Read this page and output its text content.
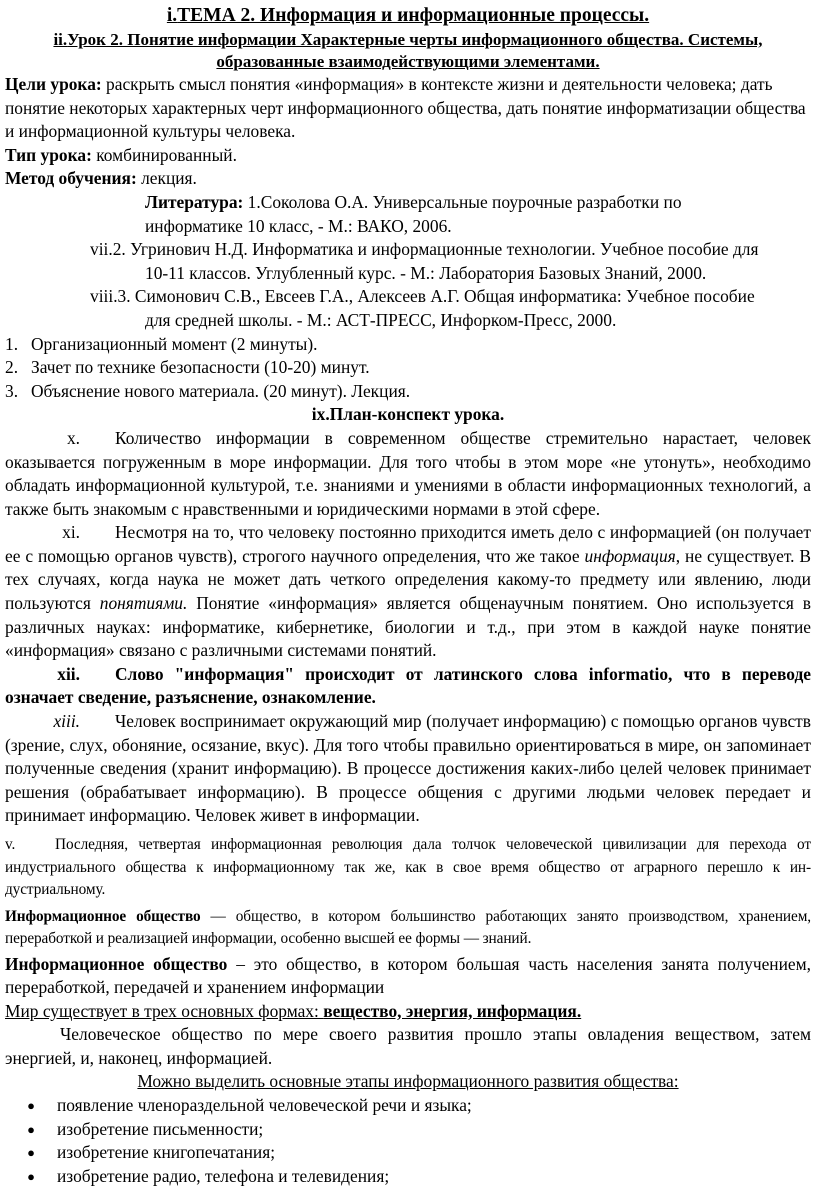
i.ТЕМА 2. Информация и информационные процессы.
ii.Урок 2. Понятие информации Характерные черты информационного общества. Системы,
образованные взаимодействующими элементами.

Цели урока: раскрыть смысл понятия «информация» в контексте жизни и деятельности человека; дать понятие некоторых характерных черт информационного общества, дать понятие информатизации общества и информационной культуры человека.

Тип урока: комбинированный.

Метод обучения: лекция.

Литература: 1.Соколова О.А. Универсальные поурочные разработки по информатике 10 класс, - М.: ВАКО, 2006.

vii.2. Угринович Н.Д. Информатика и информационные технологии. Учебное пособие для 10-11 классов. Углубленный курс. - М.: Лаборатория Базовых Знаний, 2000.

viii.3. Симонович С.В., Евсеев Г.А., Алексеев А.Г. Общая информатика: Учебное пособие для средней школы. - М.: АСТ-ПРЕСС, Инфорком-Пресс, 2000.

1. Организационный момент (2 минуты).
2. Зачет по технике безопасности (10-20) минут.
3. Объяснение нового материала. (20 минут). Лекция.
ix.План-конспект урока.

x. Количество информации в современном обществе стремительно нарастает, человек оказывается погруженным в море информации. Для того чтобы в этом море «не утонуть», необходимо обладать информационной культурой, т.е. знаниями и умениями в области информационных технологий, а также быть знакомым с нравственными и юридическими нормами в этой сфере.

xi. Несмотря на то, что человеку постоянно приходится иметь дело с информацией (он получает ее с помощью органов чувств), строгого научного определения, что же такое информация, не существует. В тех случаях, когда наука не может дать четкого определения какому-то предмету или явлению, люди пользуются понятиями. Понятие «информация» является общенаучным понятием. Оно используется в различных науках: информатике, кибернетике, биологии и т.д., при этом в каждой науке понятие «информация» связано с различными системами понятий.

xii. Слово "информация" происходит от латинского слова informatio, что в переводе означает сведение, разъяснение, ознакомление.

xiii. Человек воспринимает окружающий мир (получает информацию) с помощью органов чувств (зрение, слух, обоняние, осязание, вкус). Для того чтобы правильно ориентироваться в мире, он запоминает полученные сведения (хранит информацию). В процессе достижения каких-либо целей человек принимает решения (обрабатывает информацию). В процессе общения с другими людьми человек передает и принимает информацию. Человек живет в информации.

v.	Последняя, четвертая информационная революция дала толчок человеческой цивилизации для перехода от индустриального общества к информационному так же, как в свое время общество от аграрного перешло к ин-дустриальному.

Информационное общество — общество, в котором большинство работающих занято производством, хранением, переработкой и реализацией информации, особенно высшей ее формы — знаний.

Информационное общество – это общество, в котором большая часть населения занята получением, переработкой, передачей и хранением информации

Мир существует в трех основных формах: вещество, энергия, информация.

Человеческое общество по мере своего развития прошло этапы овладения веществом, затем энергией, и, наконец, информацией.

Можно выделить основные этапы информационного развития общества:
●	появление членораздельной человеческой речи и языка;
●	изобретение письменности;
●	изобретение книгопечатания;
●	изобретение радио, телефона и телевидения;
